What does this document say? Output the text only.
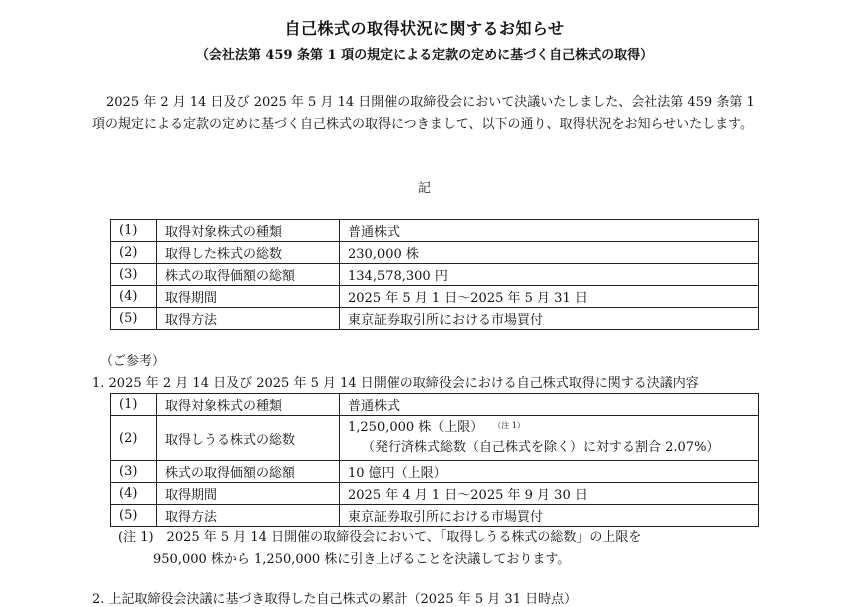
自己株式の取得状況に関するお知らせ
（会社法第 459 条第 1 項の規定による定款の定めに基づく自己株式の取得）
2025 年 2 月 14 日及び 2025 年 5 月 14 日開催の取締役会において決議いたしました、会社法第 459 条第 1 項の規定による定款の定めに基づく自己株式の取得につきまして、以下の通り、取得状況をお知らせいたします。
記
(1)	取得対象株式の種類	普通株式
(2)	取得した株式の総数	230,000 株
(3)	株式の取得価額の総額	134,578,300 円
(4)	取得期間	2025 年 5 月 1 日～2025 年 5 月 31 日
(5)	取得方法	東京証券取引所における市場買付
（ご参考）
1. 2025 年 2 月 14 日及び 2025 年 5 月 14 日開催の取締役会における自己株式取得に関する決議内容
(1)	取得対象株式の種類	普通株式
(2)	取得しうる株式の総数	1,250,000 株（上限） $^{(注 1)}$
（発行済株式総数（自己株式を除く）に対する割合 2.07%）

(3)	株式の取得価額の総額	10 億円（上限）
(4)	取得期間	2025 年 4 月 1 日～2025 年 9 月 30 日
(5)	取得方法	東京証券取引所における市場買付
(注 1)　2025 年 5 月 14 日開催の取締役会において、「取得しうる株式の総数」の上限を
950,000 株から 1,250,000 株に引き上げることを決議しております。
2. 上記取締役会決議に基づき取得した自己株式の累計（2025 年 5 月 31 日時点）
